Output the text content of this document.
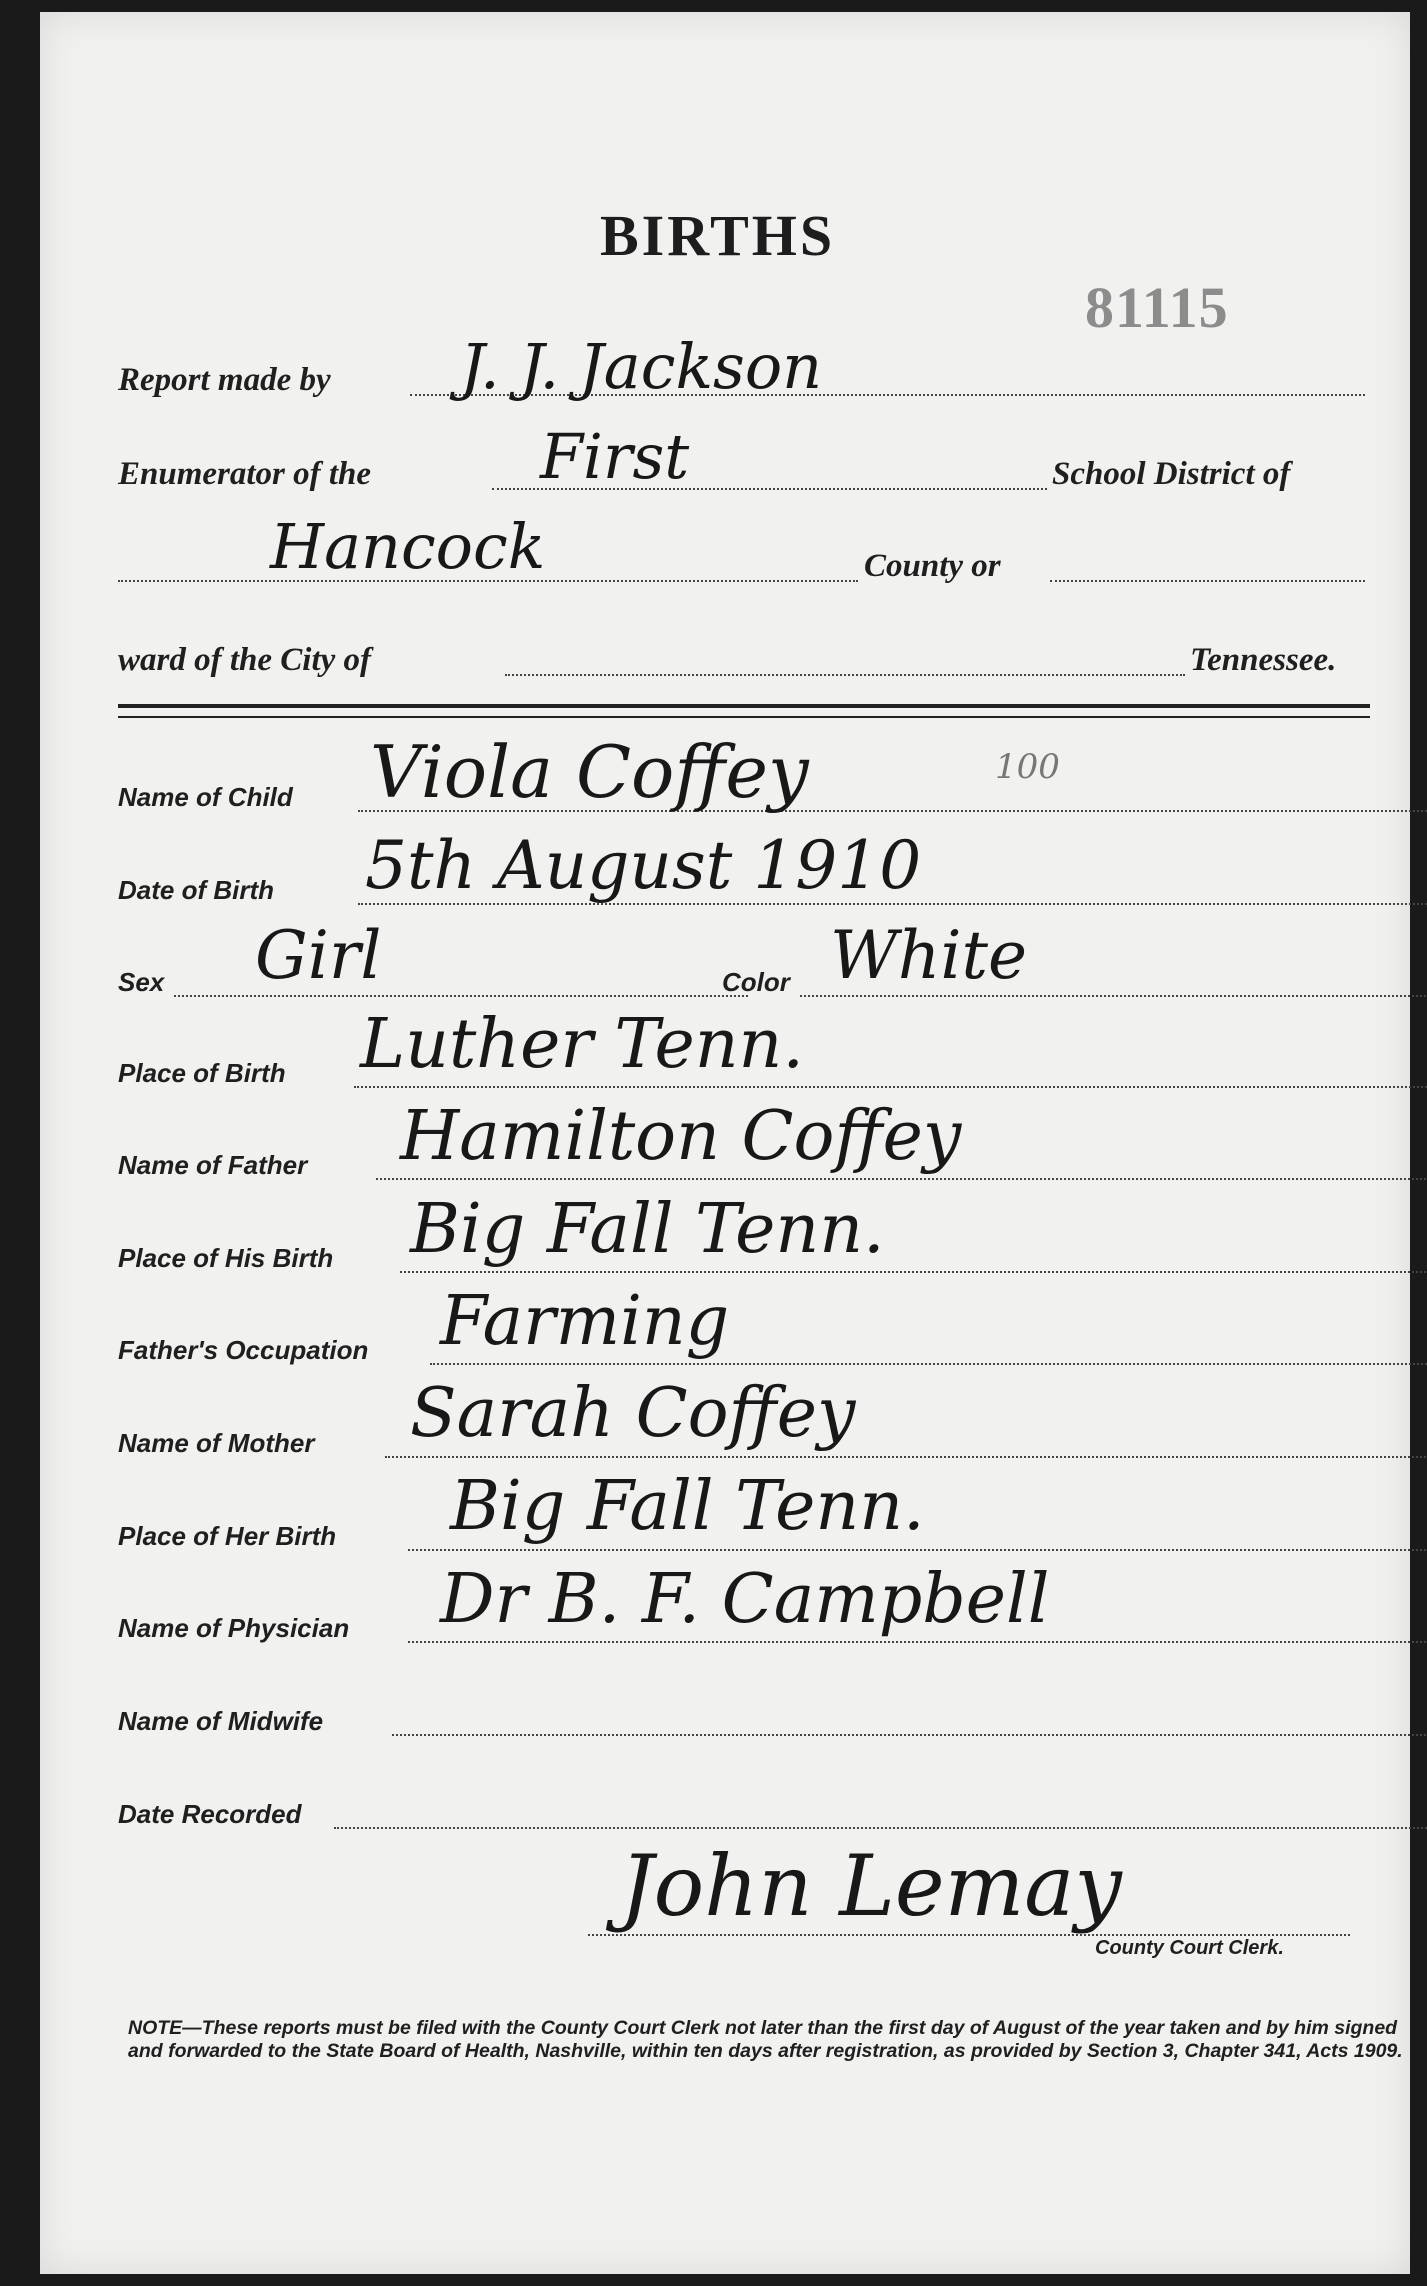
BIRTHS
81115
Report made by J. J. Jackson
Enumerator of the	First	School District of
Hancock	County or
ward of the City of	Tennessee.
100
Name of Child Viola Coffey
Date of Birth 5th August 1910
Sex Girl	Color White
Place of Birth Luther Tenn.
Name of Father Hamilton Coffey
Place of His Birth Big Fall Tenn.
Father's Occupation Farming
Name of Mother Sarah Coffey
Place of Her Birth Big Fall Tenn.
Name of Physician Dr B. F. Campbell
Name of Midwife
Date Recorded
John Lemay
County Court Clerk.
NOTE—These reports must be filed with the County Court Clerk not later than the first day of August of the year taken and by him signed and forwarded to the State Board of Health, Nashville, within ten days after registration, as provided by Section 3, Chapter 341, Acts 1909.
